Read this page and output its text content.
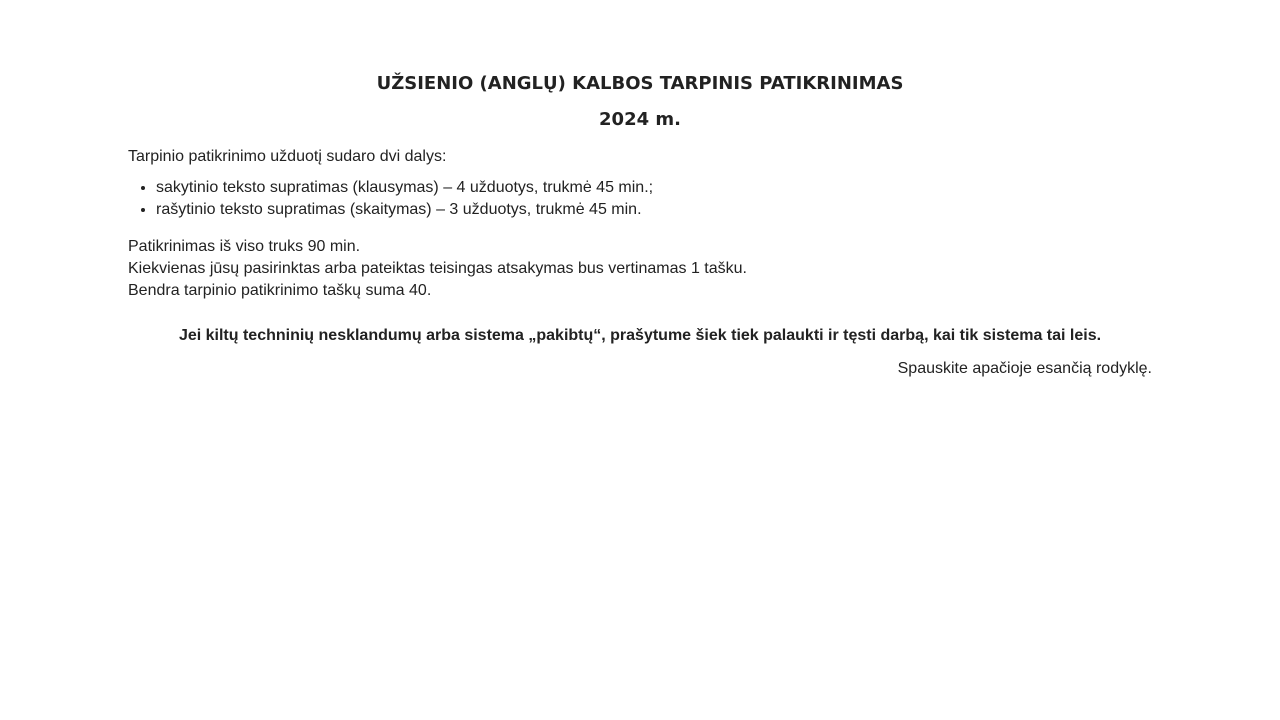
UŽSIENIO (ANGLŲ) KALBOS TARPINIS PATIKRINIMAS
2024 m.

Tarpinio patikrinimo užduotį sudaro dvi dalys:

• sakytinio teksto supratimas (klausymas) – 4 užduotys, trukmė 45 min.;
• rašytinio teksto supratimas (skaitymas) – 3 užduotys, trukmė 45 min.
Patikrinimas iš viso truks 90 min.
Kiekvienas jūsų pasirinktas arba pateiktas teisingas atsakymas bus vertinamas 1 tašku.
Bendra tarpinio patikrinimo taškų suma 40.

Jei kiltų techninių nesklandumų arba sistema „pakibtų“, prašytume šiek tiek palaukti ir tęsti darbą, kai tik sistema tai leis.

Spauskite apačioje esančią rodyklę.
